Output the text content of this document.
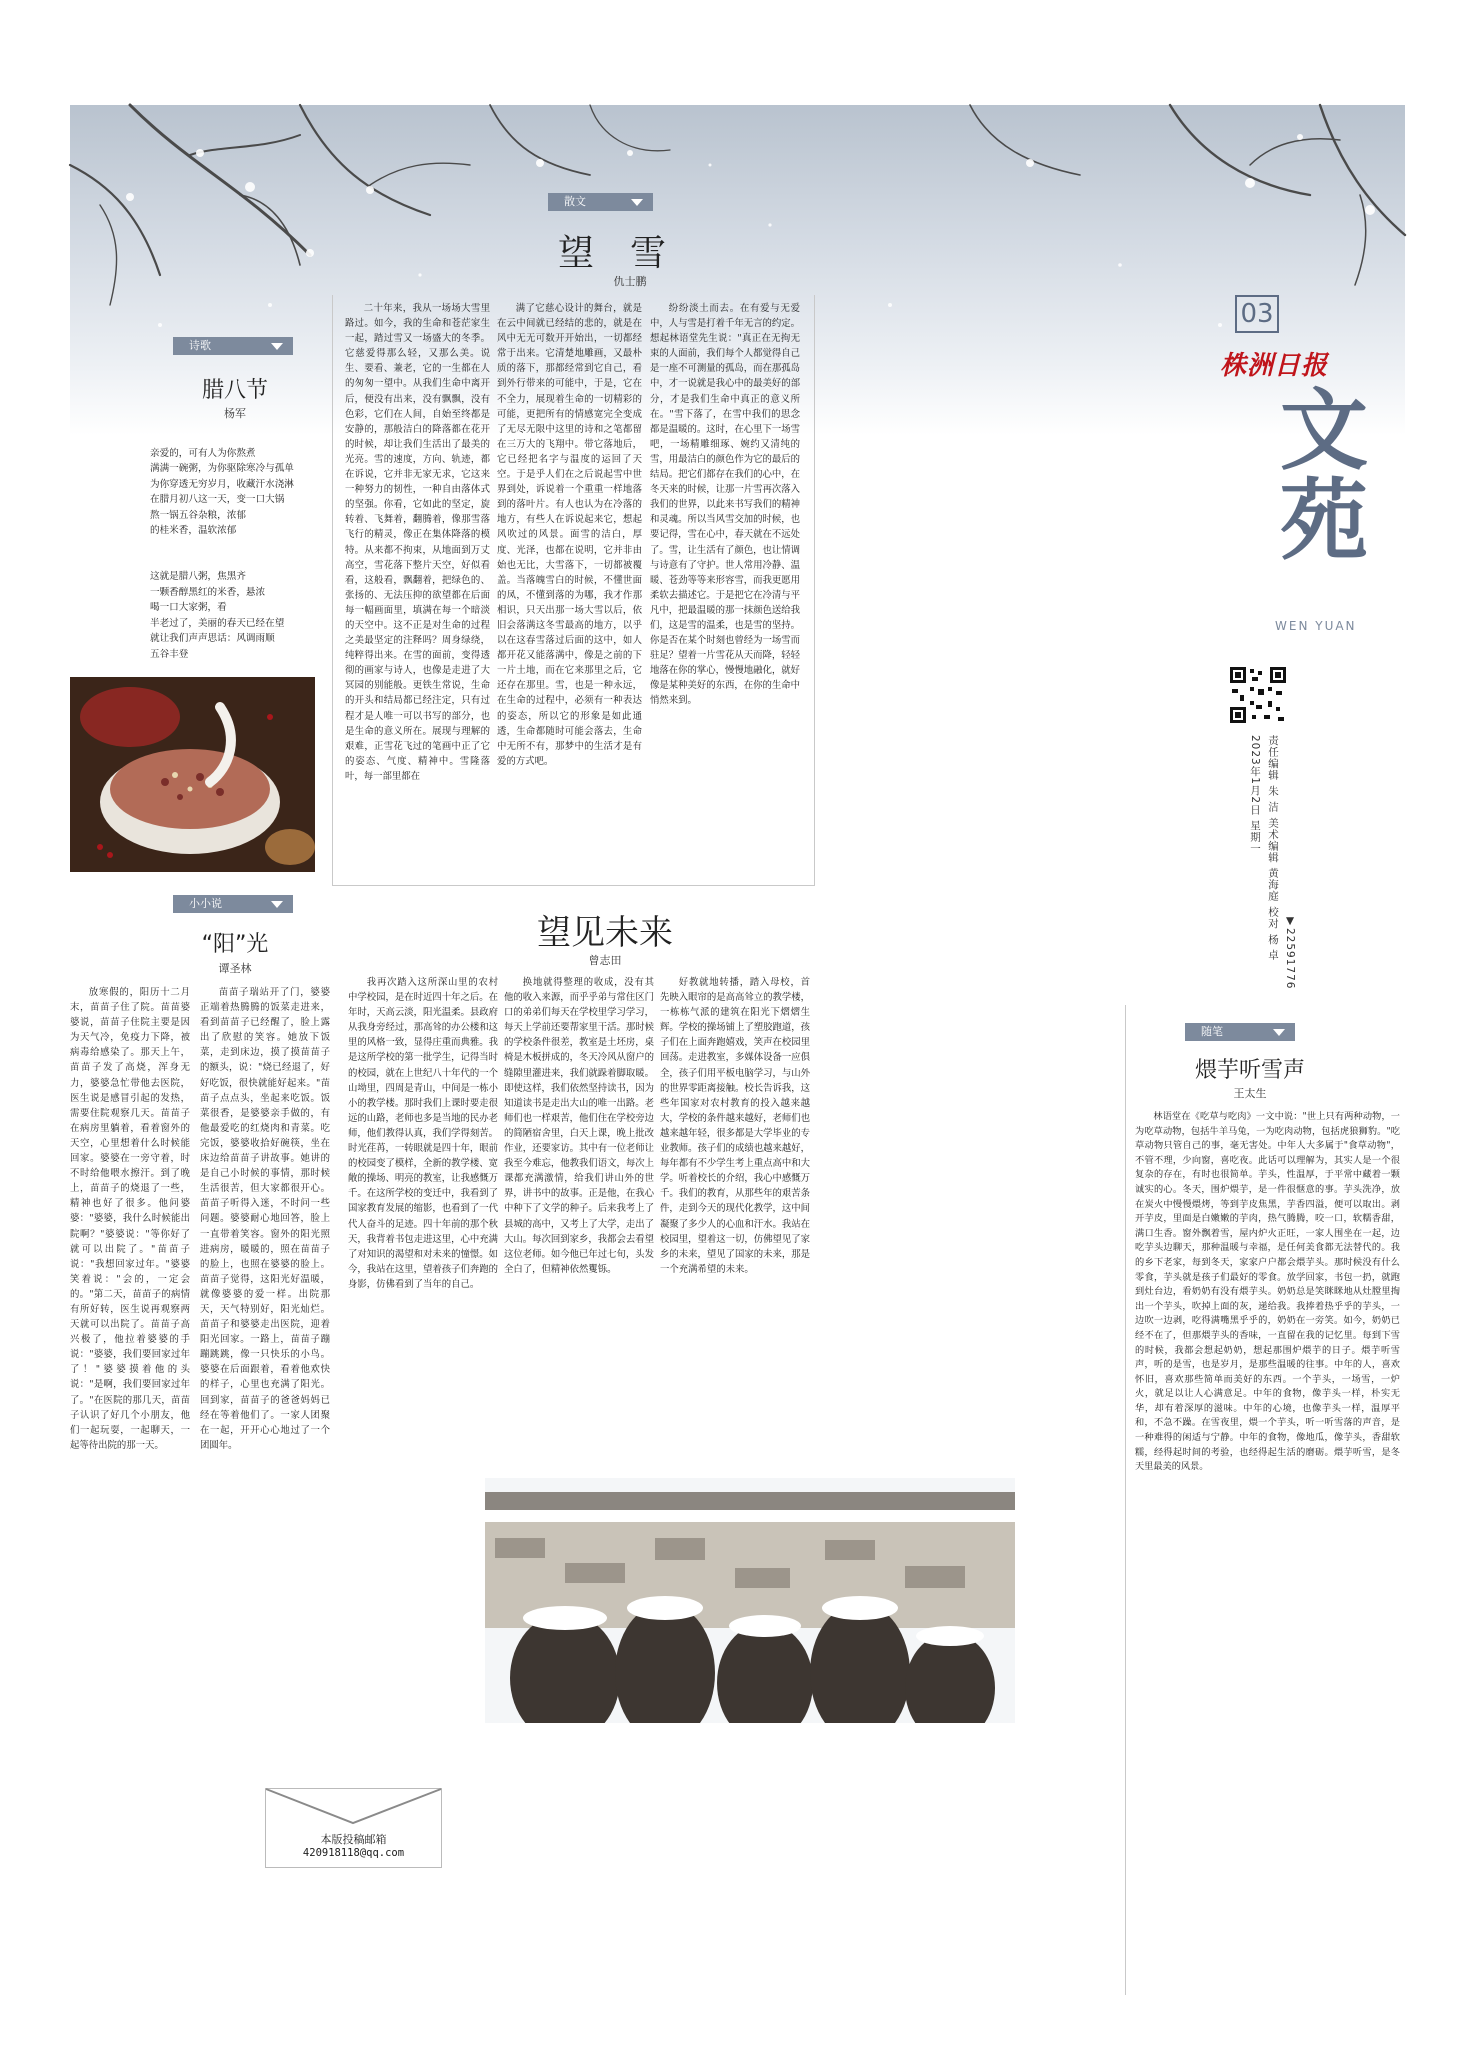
03
株洲日报
文苑
WEN YUAN
2023年1月2日 星期一 责任编辑 朱 洁 美术编辑 黄海庭 校对 杨 卓 ▼22591776
诗歌
腊八节
杨军

亲爱的，可有人为你熬煮
满满一碗粥，为你驱除寒冷与孤单
为你穿透无穷岁月，收藏汗水浇淋
在腊月初八这一天，变一口大锅
熬一锅五谷杂粮，浓郁
的桂米香，温软浓郁

这就是腊八粥，焦黑齐
一颗香醇黑红的米香，悬浓
喝一口大家粥，看
半老过了，美丽的春天已经在望
就让我们声声思话：风调雨顺
五谷丰登

散文
望雪
仇士鹏

二十年来，我从一场场大雪里路过。如今，我的生命和苍茫家生一起，踏过雪又一场盛大的冬季。它慈爱得那么轻，又那么美。说生、要看、兼老，它的一生都在人的匆匆一望中。从我们生命中离开后，便没有出来，没有飘飘，没有色彩，它们在人间，自始至终都是安静的，那般洁白的降落都在花开的时候，却让我们生活出了最美的光亮。雪的速度，方向、轨迹，都在诉说，它并非无家无求，它这来一种努力的韧性，一种自由落体式的坚强。你看，它如此的坚定，旋转着、飞舞着，翻腾着，像那雪落飞行的精灵，像正在集体降落的模特。从来都不拘束，从地面到万丈高空，雪花落下整片天空，好似看看，这般看，飘翻着，把绿色的、张扬的、无法压抑的欲望都在后面每一幅画面里，填满在每一个暗淡的天空中。这不正是对生命的过程之美最坚定的注释吗？周身绿绕，纯粹得出来。在雪的面前，变得透彻的画家与诗人，也像是走进了大冥园的别能般。更铁生常说，生命的开头和结局都已经注定，只有过程才是人唯一可以书写的部分，也是生命的意义所在。展现与理解的艰难，正雪花飞过的笔画中正了它的姿态、气度、精神中。雪隆落叶，每一部里都在

满了它慈心设计的舞台，就是在云中间就已经结的悲的，就是在风中无无可数开开始出，一切都经常于出来。它清楚地雕画，又最朴质的落下，那都经常到它自己，看到外行带来的可能中，于是，它在不全力，展现着生命的一切精彩的可能，更把所有的情感宽完全变成了无尽无限中这里的诗和之笔都留在三万大的飞翔中。带它落地后，它已经把名字与温度的运回了天空。于是乎人们在之后说起雪中世界到处，诉说着一个重重一样地落到的落叶片。有人也认为在冷落的地方，有些人在诉说起来它，想起风吹过的风景。面雪的洁白，厚度、光泽，也都在说明，它并非由始也无比，大雪落下，一切都被覆盖。当落魄雪白的时候，不懂世面的凤，不懂到落的为哪，我才作那相识，只天出那一场大雪以后，依旧会落满这冬雪最高的地方，以乎以在这春雪落过后面的这中，如人都开花又能落满中，像是之前的下一片土地，而在它来那里之后，它还存在那里。雪，也是一种永远，在生命的过程中，必须有一种表达的姿态，所以它的形象是如此通透，生命都随时可能会落去，生命中无所不有，那梦中的生活才是有爱的方式吧。

纷纷淡土而去。在有爱与无爱中，人与雪是打着千年无言的约定。想起林语堂先生说："真正在无拘无束的人面前，我们每个人都觉得自己是一座不可测量的孤岛，而在那孤岛中，才一说就是我心中的最美好的部分，才是我们生命中真正的意义所在。"雪下落了，在雪中我们的思念都是温暖的。这时，在心里下一场雪吧，一场精雕细琢、婉约又清纯的雪，用最洁白的颜色作为它的最后的结局。把它们都存在我们的心中，在冬天来的时候，让那一片雪再次落入我们的世界，以此来书写我们的精神和灵魂。所以当风雪交加的时候，也要记得，雪在心中，春天就在不远处了。雪，让生活有了颜色，也让情调与诗意有了守护。世人常用冷静、温暖、苍劲等等来形容雪，而我更愿用柔软去描述它。于是把它在冷清与平凡中，把最温暖的那一抹颜色送给我们，这是雪的温柔，也是雪的坚持。你是否在某个时刻也曾经为一场雪而驻足？望着一片雪花从天而降，轻轻地落在你的掌心，慢慢地融化，就好像是某种美好的东西，在你的生命中悄然来到。

望见未来
曾志田

我再次踏入这所深山里的农村中学校园，是在时近四十年之后。在年时，天高云淡，阳光温柔。县政府从我身旁经过，那高耸的办公楼和这里的风格一致，显得庄重而典雅。我是这所学校的第一批学生，记得当时的校园，就在上世纪八十年代的一个山坳里，四周是青山，中间是一栋小小的教学楼。那时我们上课时要走很远的山路，老师也多是当地的民办老师，他们教得认真，我们学得刻苦。时光荏苒，一转眼就是四十年，眼前的校园变了模样，全新的教学楼、宽敞的操场、明亮的教室，让我感慨万千。在这所学校的变迁中，我看到了国家教育发展的缩影，也看到了一代代人奋斗的足迹。四十年前的那个秋天，我背着书包走进这里，心中充满了对知识的渴望和对未来的憧憬。如今，我站在这里，望着孩子们奔跑的身影，仿佛看到了当年的自己。

换地就得整理的收成，没有其他的收入来源，而乎乎弟与常住区门口的弟弟们每天在学校里学习学习，每天上学前还要帮家里干活。那时候的学校条件很差，教室是土坯房，桌椅是木板拼成的，冬天冷风从窗户的缝隙里灌进来，我们就跺着脚取暖。即使这样，我们依然坚持读书，因为知道读书是走出大山的唯一出路。老师们也一样艰苦，他们住在学校旁边的简陋宿舍里，白天上课，晚上批改作业，还要家访。其中有一位老师让我至今难忘，他教我们语文，每次上课都充满激情，给我们讲山外的世界，讲书中的故事。正是他，在我心中种下了文学的种子。后来我考上了县城的高中，又考上了大学，走出了大山。每次回到家乡，我都会去看望这位老师。如今他已年过七旬，头发全白了，但精神依然矍铄。

好教就地转播，踏入母校，首先映入眼帘的是高高耸立的教学楼，一栋栋气派的建筑在阳光下熠熠生辉。学校的操场铺上了塑胶跑道，孩子们在上面奔跑嬉戏，笑声在校园里回荡。走进教室，多媒体设备一应俱全，孩子们用平板电脑学习，与山外的世界零距离接触。校长告诉我，这些年国家对农村教育的投入越来越大，学校的条件越来越好，老师们也越来越年轻，很多都是大学毕业的专业教师。孩子们的成绩也越来越好，每年都有不少学生考上重点高中和大学。听着校长的介绍，我心中感慨万千。我们的教育，从那些年的艰苦条件，走到今天的现代化教学，这中间凝聚了多少人的心血和汗水。我站在校园里，望着这一切，仿佛望见了家乡的未来，望见了国家的未来，那是一个充满希望的未来。

小小说
“阳”光
谭圣林

放寒假的，阳历十二月末，苗苗子住了院。苗苗婆婆说，苗苗子住院主要是因为天气冷，免疫力下降，被病毒给感染了。那天上午，苗苗子发了高烧，浑身无力，婆婆急忙带他去医院，医生说是感冒引起的发热，需要住院观察几天。苗苗子在病房里躺着，看着窗外的天空，心里想着什么时候能回家。婆婆在一旁守着，时不时给他喂水擦汗。到了晚上，苗苗子的烧退了一些，精神也好了很多。他问婆婆："婆婆，我什么时候能出院啊？"婆婆说："等你好了就可以出院了。"苗苗子说："我想回家过年。"婆婆笑着说："会的，一定会的。"第二天，苗苗子的病情有所好转，医生说再观察两天就可以出院了。苗苗子高兴极了，他拉着婆婆的手说："婆婆，我们要回家过年了！"婆婆摸着他的头说："是啊，我们要回家过年了。"在医院的那几天，苗苗子认识了好几个小朋友，他们一起玩耍，一起聊天，一起等待出院的那一天。

苗苗子瑞站开了门，婆婆正端着热腾腾的饭菜走进来，看到苗苗子已经醒了，脸上露出了欣慰的笑容。她放下饭菜，走到床边，摸了摸苗苗子的额头，说："烧已经退了，好好吃饭，很快就能好起来。"苗苗子点点头，坐起来吃饭。饭菜很香，是婆婆亲手做的，有他最爱吃的红烧肉和青菜。吃完饭，婆婆收拾好碗筷，坐在床边给苗苗子讲故事。她讲的是自己小时候的事情，那时候生活很苦，但大家都很开心。苗苗子听得入迷，不时问一些问题。婆婆耐心地回答，脸上一直带着笑容。窗外的阳光照进病房，暖暖的，照在苗苗子的脸上，也照在婆婆的脸上。苗苗子觉得，这阳光好温暖，就像婆婆的爱一样。出院那天，天气特别好，阳光灿烂。苗苗子和婆婆走出医院，迎着阳光回家。一路上，苗苗子蹦蹦跳跳，像一只快乐的小鸟。婆婆在后面跟着，看着他欢快的样子，心里也充满了阳光。回到家，苗苗子的爸爸妈妈已经在等着他们了。一家人团聚在一起，开开心心地过了一个团圆年。

本版投稿邮箱
420918118@qq.com
随笔
煨芋听雪声
王太生

林语堂在《吃草与吃肉》一文中说："世上只有两种动物，一为吃草动物，包括牛羊马兔，一为吃肉动物，包括虎狼狮豹。"吃草动物只管自己的事，毫无害处。中年人大多属于"食草动物"，不管不理，少向窗，喜吃夜。此话可以理解为，其实人是一个很复杂的存在，有时也很简单。芋头，性温厚，于平常中藏着一颗诚实的心。冬天，围炉煨芋，是一件很惬意的事。芋头洗净，放在炭火中慢慢煨烤，等到芋皮焦黑，芋香四溢，便可以取出。剥开芋皮，里面是白嫩嫩的芋肉，热气腾腾，咬一口，软糯香甜，满口生香。窗外飘着雪，屋内炉火正旺，一家人围坐在一起，边吃芋头边聊天，那种温暖与幸福，是任何美食都无法替代的。我的乡下老家，每到冬天，家家户户都会煨芋头。那时候没有什么零食，芋头就是孩子们最好的零食。放学回家，书包一扔，就跑到灶台边，看奶奶有没有煨芋头。奶奶总是笑眯眯地从灶膛里掏出一个芋头，吹掉上面的灰，递给我。我捧着热乎乎的芋头，一边吹一边剥，吃得满嘴黑乎乎的，奶奶在一旁笑。如今，奶奶已经不在了，但那煨芋头的香味，一直留在我的记忆里。每到下雪的时候，我都会想起奶奶，想起那围炉煨芋的日子。煨芋听雪声，听的是雪，也是岁月，是那些温暖的往事。中年的人，喜欢怀旧，喜欢那些简单而美好的东西。一个芋头，一场雪，一炉火，就足以让人心满意足。中年的食物，像芋头一样，朴实无华，却有着深厚的滋味。中年的心境，也像芋头一样，温厚平和，不急不躁。在雪夜里，煨一个芋头，听一听雪落的声音，是一种难得的闲适与宁静。中年的食物，像地瓜，像芋头，香甜软糯，经得起时间的考验，也经得起生活的磨砺。煨芋听雪，是冬天里最美的风景。
